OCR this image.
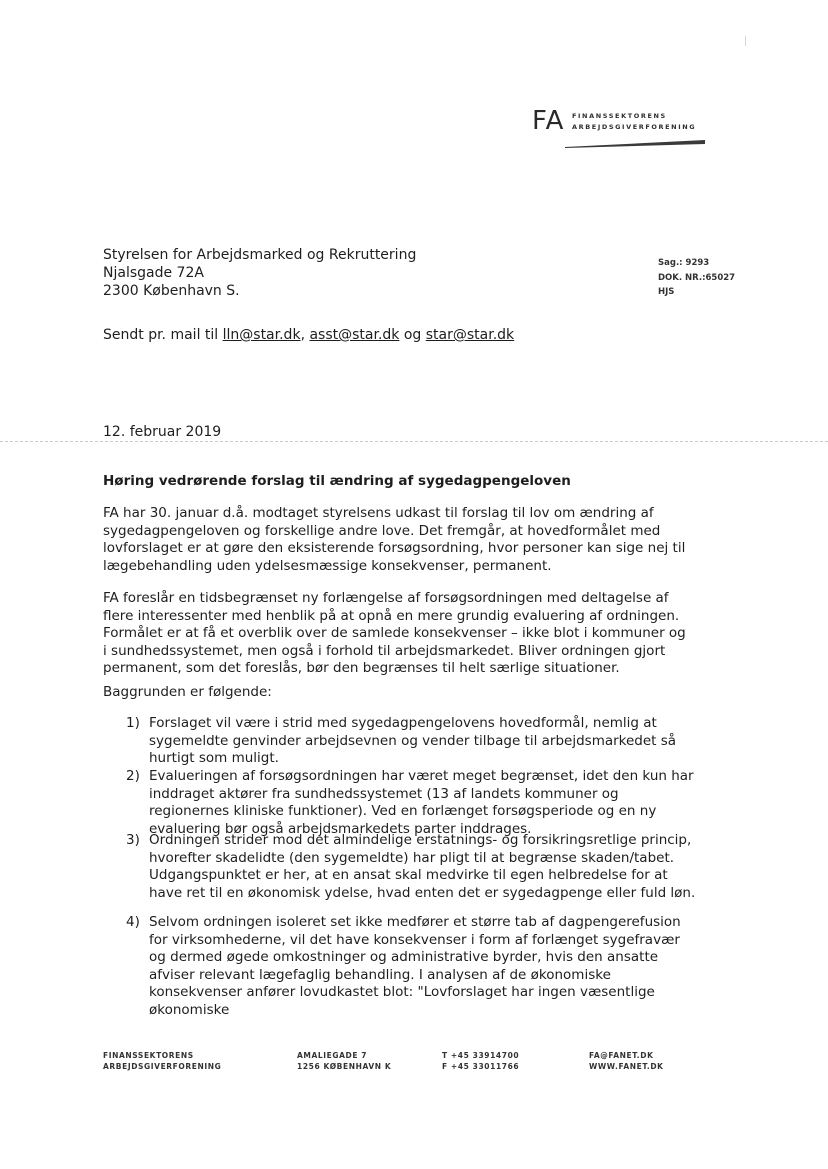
FA FINANSSEKTORENS
ARBEJDSGIVERFORENING
Styrelsen for Arbejdsmarked og Rekruttering
Njalsgade 72A
2300 København S.
Sag.: 9293
DOK. NR.:65027
HJS
Sendt pr. mail til lln@star.dk, asst@star.dk og star@star.dk
12. februar 2019
Høring vedrørende forslag til ændring af sygedagpengeloven
FA har 30. januar d.å. modtaget styrelsens udkast til forslag til lov om ændring af sygedagpengeloven og forskellige andre love. Det fremgår, at hovedformålet med lovforslaget er at gøre den eksisterende forsøgsordning, hvor personer kan sige nej til lægebehandling uden ydelsesmæssige konsekvenser, permanent.
FA foreslår en tidsbegrænset ny forlængelse af forsøgsordningen med deltagelse af flere interessenter med henblik på at opnå en mere grundig evaluering af ordningen. Formålet er at få et overblik over de samlede konsekvenser – ikke blot i kommuner og i sundhedssystemet, men også i forhold til arbejdsmarkedet. Bliver ordningen gjort permanent, som det foreslås, bør den begrænses til helt særlige situationer.
Baggrunden er følgende:
1) Forslaget vil være i strid med sygedagpengelovens hovedformål, nemlig at sygemeldte genvinder arbejdsevnen og vender tilbage til arbejdsmarkedet så hurtigt som muligt.
2) Evalueringen af forsøgsordningen har været meget begrænset, idet den kun har inddraget aktører fra sundhedssystemet (13 af landets kommuner og regionernes kliniske funktioner). Ved en forlænget forsøgsperiode og en ny evaluering bør også arbejdsmarkedets parter inddrages.
3) Ordningen strider mod det almindelige erstatnings- og forsikringsretlige princip, hvorefter skadelidte (den sygemeldte) har pligt til at begrænse skaden/tabet. Udgangspunktet er her, at en ansat skal medvirke til egen helbredelse for at have ret til en økonomisk ydelse, hvad enten det er sygedagpenge eller fuld løn.
4) Selvom ordningen isoleret set ikke medfører et større tab af dagpengerefusion for virksomhederne, vil det have konsekvenser i form af forlænget sygefravær og dermed øgede omkostninger og administrative byrder, hvis den ansatte afviser relevant lægefaglig behandling. I analysen af de økonomiske konsekvenser anfører lovudkastet blot: "Lovforslaget har ingen væsentlige økonomiske
FINANSSEKTORENS
ARBEJDSGIVERFORENING
AMALIEGADE 7
1256 KØBENHAVN K
T +45 33914700
F +45 33011766
FA@FANET.DK
WWW.FANET.DK
